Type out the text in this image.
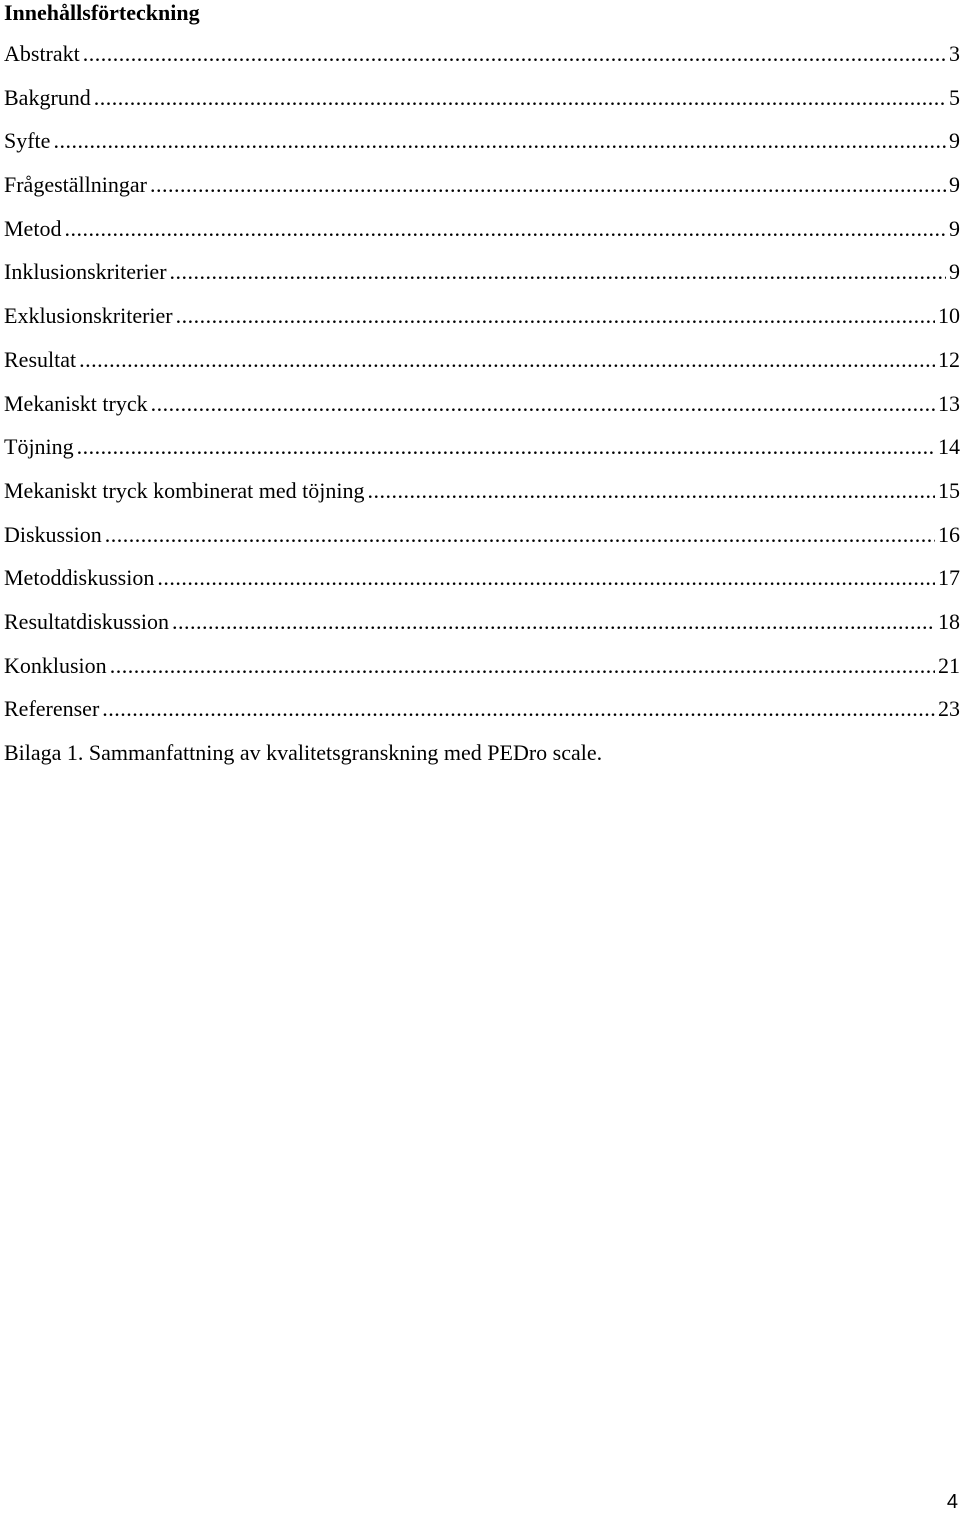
Innehållsförteckning
Abstrakt .....	3
Bakgrund .....	5
Syfte .....	9
Frågeställningar .....	9
Metod .....	9
Inklusionskriterier .....	9
Exklusionskriterier .....	10
Resultat .....	12
Mekaniskt tryck .....	13
Töjning .....	14
Mekaniskt tryck kombinerat med töjning .....	15
Diskussion .....	16
Metoddiskussion .....	17
Resultatdiskussion .....	18
Konklusion .....	21
Referenser .....	23
Bilaga 1. Sammanfattning av kvalitetsgranskning med PEDro scale.
4
